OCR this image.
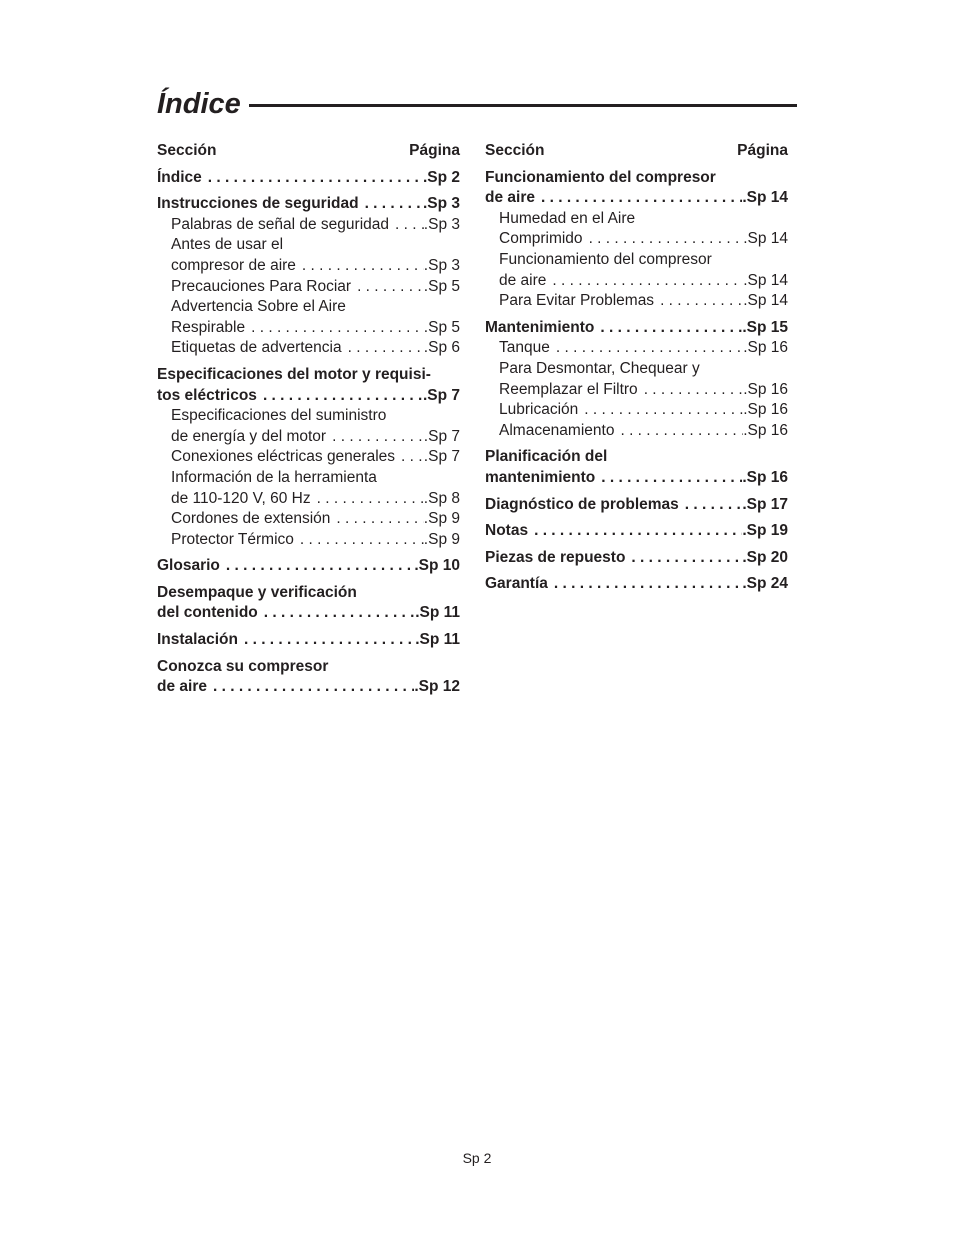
Índice
Sección	Página
Índice . . .	.Sp 2
Instrucciones de seguridad . . .	.Sp 3
Palabras de señal de seguridad . . . .Sp 3
Antes de usar el
compresor de aire . . .	.Sp 3
Precauciones Para Rociar . . .	.Sp 5
Advertencia Sobre el Aire
Respirable . . .	.Sp 5
Etiquetas de advertencia . . .	.Sp 6
Especificaciones del motor y requisi-
tos eléctricos . . .	.Sp 7
Especificaciones del suministro
de energía y del motor . . .	.Sp 7
Conexiones eléctricas generales . . . .Sp 7
Información de la herramienta
de 110-120 V, 60 Hz . . .	.Sp 8
Cordones de extensión . . .	.Sp 9
Protector Térmico . . .	.Sp 9
Glosario . . .	.Sp 10
Desempaque y verificación
del contenido . . .	.Sp 11
Instalación . . .	.Sp 11
Conozca su compresor
de aire . . .	.Sp 12
Sección	Página
Funcionamiento del compresor
de aire . . .	.Sp 14
Humedad en el Aire
Comprimido . . .	.Sp 14
Funcionamiento del compresor
de aire . . .	.Sp 14
Para Evitar Problemas . . .	.Sp 14
Mantenimiento . . .	.Sp 15
Tanque . . .	.Sp 16
Para Desmontar, Chequear y
Reemplazar el Filtro . . .	.Sp 16
Lubricación . . .	.Sp 16
Almacenamiento . . .	.Sp 16
Planificación del
mantenimiento . . .	.Sp 16
Diagnóstico de problemas . . .	.Sp 17
Notas . . .	.Sp 19
Piezas de repuesto . . .	.Sp 20
Garantía . . .	.Sp 24
Sp 2
